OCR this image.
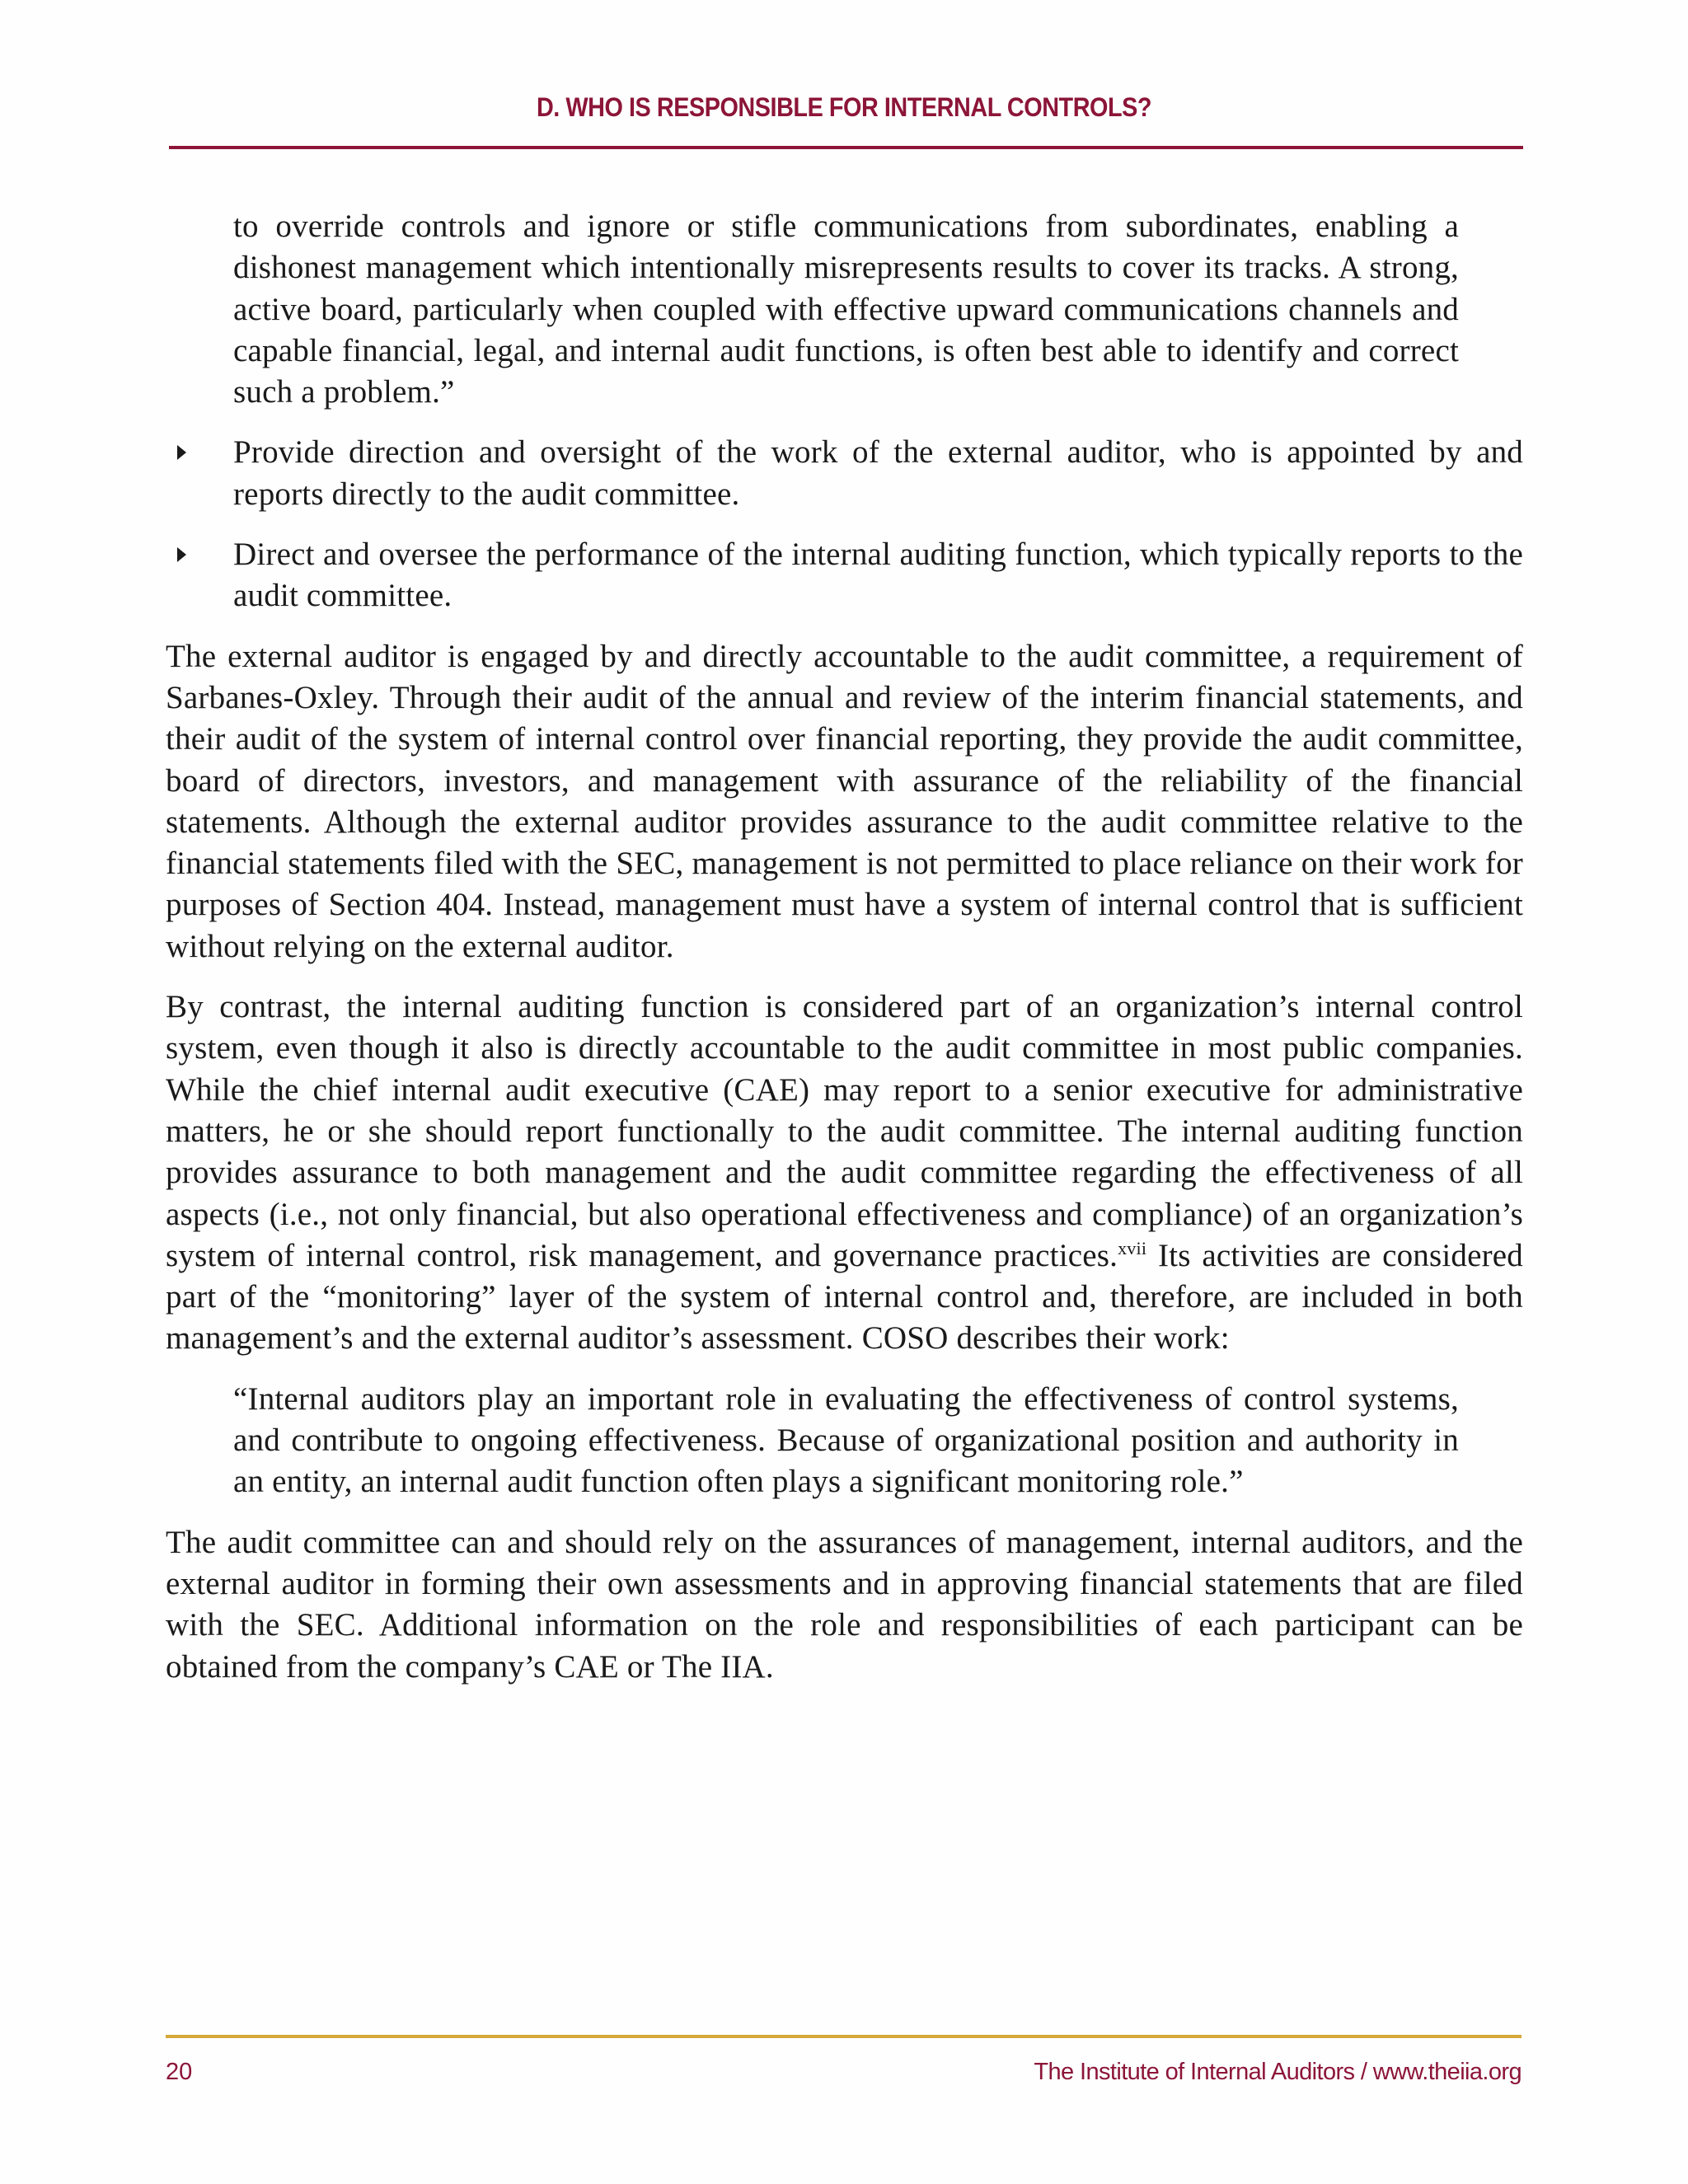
D. WHO IS RESPONSIBLE FOR INTERNAL CONTROLS?

to override controls and ignore or stifle communications from subordinates, enabling a dishonest management which intentionally misrepresents results to cover its tracks. A strong, active board, particularly when coupled with effective upward communications channels and capable financial, legal, and internal audit functions, is often best able to identify and correct such a problem.”

Provide direction and oversight of the work of the external auditor, who is appointed by and reports directly to the audit committee.
Direct and oversee the performance of the internal auditing function, which typically reports to the audit committee.

The external auditor is engaged by and directly accountable to the audit committee, a requirement of Sarbanes-Oxley. Through their audit of the annual and review of the interim financial statements, and their audit of the system of internal control over financial reporting, they provide the audit committee, board of directors, investors, and management with assurance of the reliability of the financial statements. Although the external auditor provides assurance to the audit committee relative to the financial statements filed with the SEC, management is not permitted to place reliance on their work for purposes of Section 404. Instead, management must have a system of internal control that is sufficient without relying on the external auditor.

By contrast, the internal auditing function is considered part of an organization’s internal control system, even though it also is directly accountable to the audit committee in most public companies. While the chief internal audit executive (CAE) may report to a senior executive for administrative matters, he or she should report functionally to the audit committee. The internal auditing function provides assurance to both management and the audit committee regarding the effectiveness of all aspects (i.e., not only financial, but also operational effectiveness and compliance) of an organization’s system of internal control, risk management, and governance practices.$^{xvii}$ Its activities are considered part of the “monitoring” layer of the system of internal control and, therefore, are included in both management’s and the external auditor’s assessment. COSO describes their work:

“Internal auditors play an important role in evaluating the effectiveness of control systems, and contribute to ongoing effectiveness. Because of organizational position and authority in an entity, an internal audit function often plays a significant monitoring role.”

The audit committee can and should rely on the assurances of management, internal auditors, and the external auditor in forming their own assessments and in approving financial statements that are filed with the SEC. Additional information on the role and responsibilities of each participant can be obtained from the company’s CAE or The IIA.

20	The Institute of Internal Auditors / www.theiia.org
